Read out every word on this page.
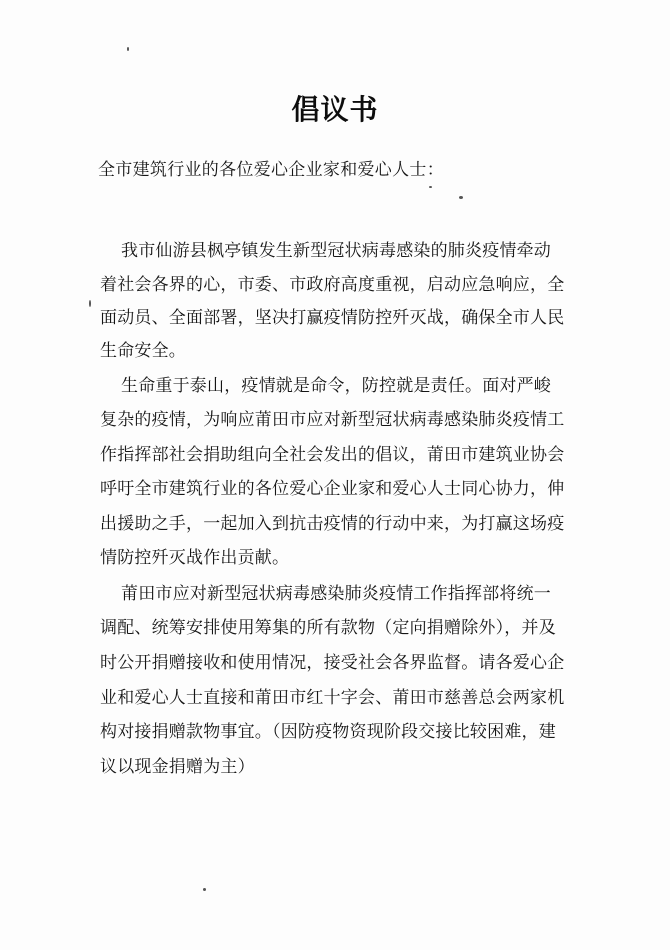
倡议书
全市建筑行业的各位爱心企业家和爱心人士：
我市仙游县枫亭镇发生新型冠状病毒感染的肺炎疫情牵动
着社会各界的心，市委、市政府高度重视，启动应急响应，全
面动员、全面部署，坚决打赢疫情防控歼灭战，确保全市人民
生命安全。
生命重于泰山，疫情就是命令，防控就是责任。面对严峻
复杂的疫情，为响应莆田市应对新型冠状病毒感染肺炎疫情工
作指挥部社会捐助组向全社会发出的倡议，莆田市建筑业协会
呼吁全市建筑行业的各位爱心企业家和爱心人士同心协力，伸
出援助之手，一起加入到抗击疫情的行动中来，为打赢这场疫
情防控歼灭战作出贡献。
莆田市应对新型冠状病毒感染肺炎疫情工作指挥部将统一
调配、统筹安排使用筹集的所有款物（定向捐赠除外），并及
时公开捐赠接收和使用情况，接受社会各界监督。请各爱心企
业和爱心人士直接和莆田市红十字会、莆田市慈善总会两家机
构对接捐赠款物事宜。（因防疫物资现阶段交接比较困难，建
议以现金捐赠为主）
